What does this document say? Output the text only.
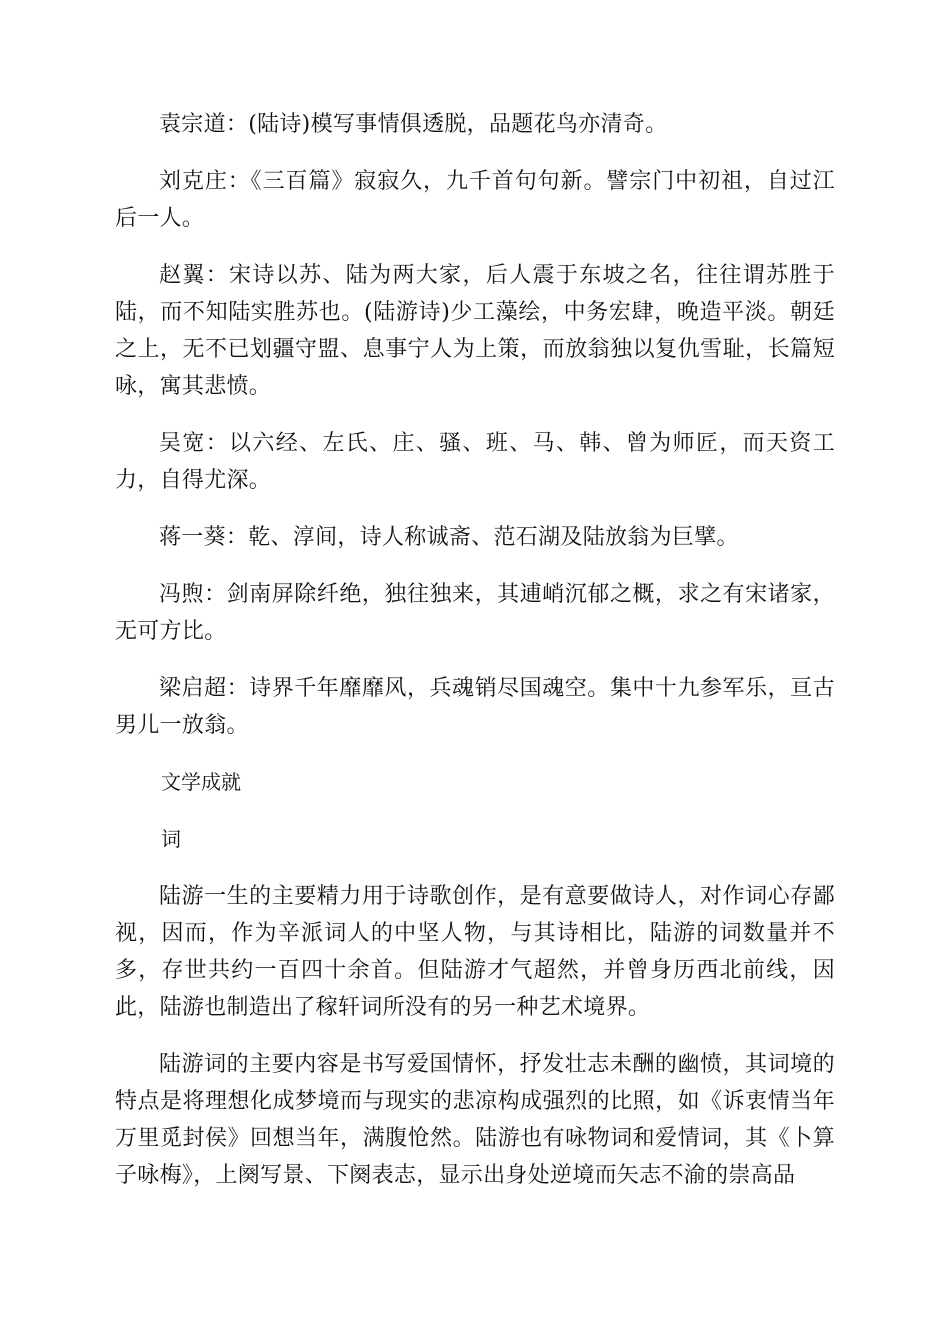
袁宗道：(陆诗)模写事情俱透脱，品题花鸟亦清奇。

刘克庄：《三百篇》寂寂久，九千首句句新。譬宗门中初祖，自过江后一人。

赵翼：宋诗以苏、陆为两大家，后人震于东坡之名，往往谓苏胜于陆，而不知陆实胜苏也。(陆游诗)少工藻绘，中务宏肆，晚造平淡。朝廷之上，无不已划疆守盟、息事宁人为上策，而放翁独以复仇雪耻，长篇短咏，寓其悲愤。

吴宽：以六经、左氏、庄、骚、班、马、韩、曾为师匠，而天资工力，自得尤深。

蒋一葵：乾、淳间，诗人称诚斋、范石湖及陆放翁为巨擘。

冯煦：剑南屏除纤绝，独往独来，其逋峭沉郁之概，求之有宋诸家，无可方比。

梁启超：诗界千年靡靡风，兵魂销尽国魂空。集中十九参军乐，亘古男儿一放翁。

文学成就
词

陆游一生的主要精力用于诗歌创作，是有意要做诗人，对作词心存鄙视，因而，作为辛派词人的中坚人物，与其诗相比，陆游的词数量并不多，存世共约一百四十余首。但陆游才气超然，并曾身历西北前线，因此，陆游也制造出了稼轩词所没有的另一种艺术境界。

陆游词的主要内容是书写爱国情怀，抒发壮志未酬的幽愤，其词境的特点是将理想化成梦境而与现实的悲凉构成强烈的比照，如《诉衷情当年万里觅封侯》回想当年，满腹怆然。陆游也有咏物词和爱情词，其《卜算子咏梅》，上阕写景、下阕表志，显示出身处逆境而矢志不渝的崇高品
